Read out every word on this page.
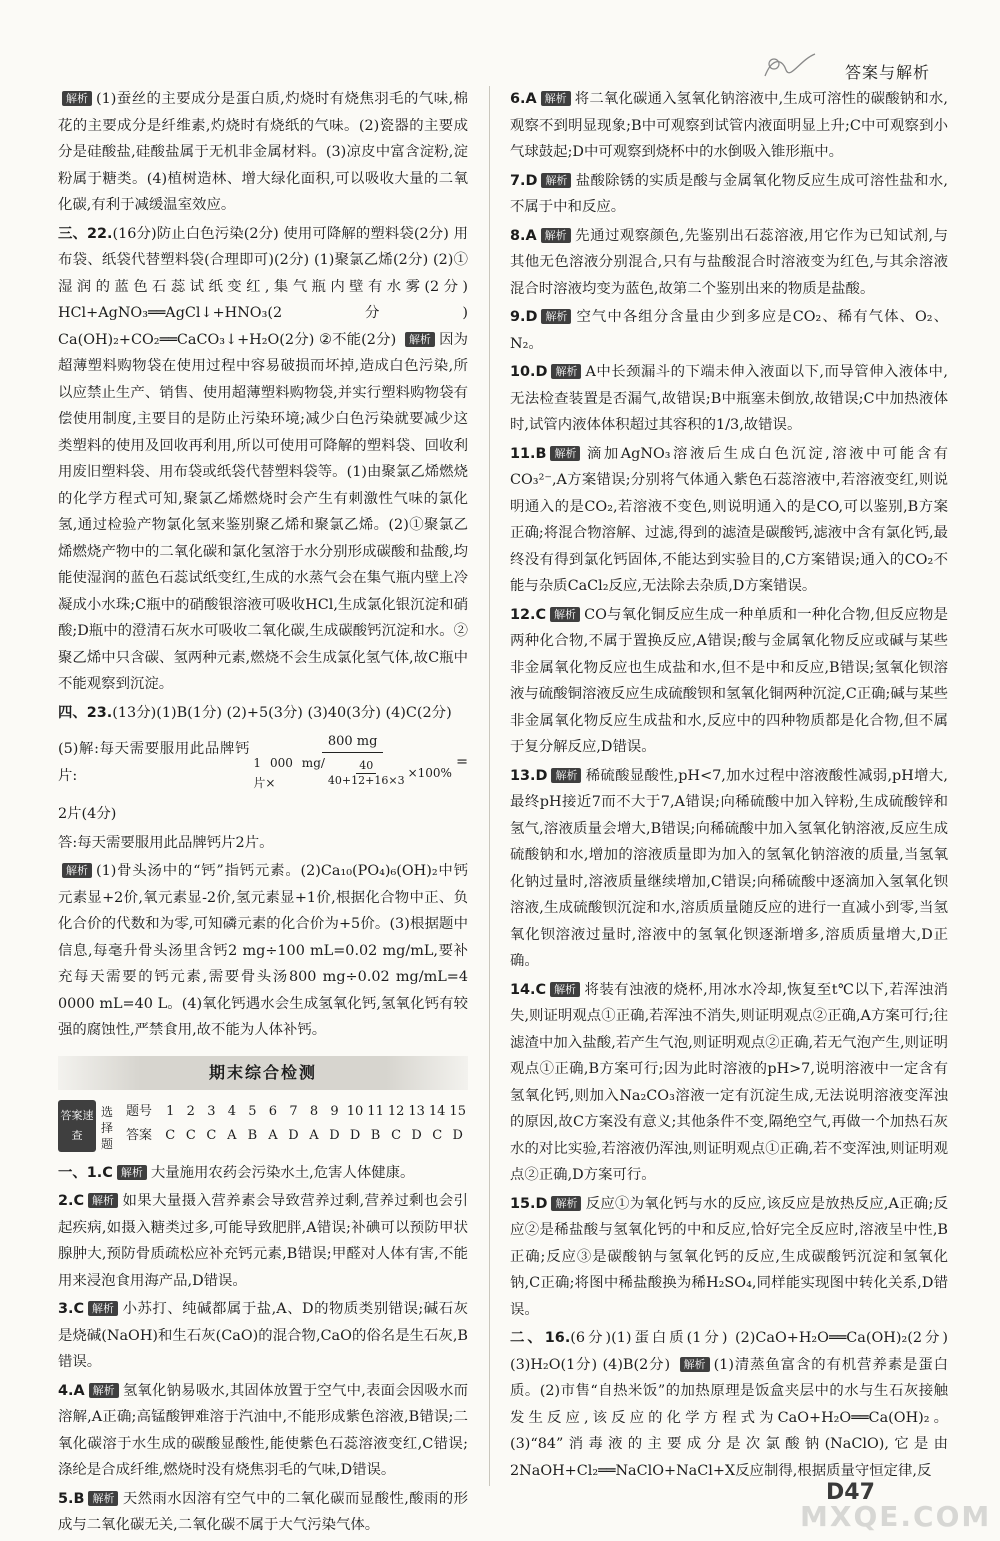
答案与解析
解析 (1)蚕丝的主要成分是蛋白质,灼烧时有烧焦羽毛的气味,棉花的主要成分是纤维素,灼烧时有烧纸的气味。(2)瓷器的主要成分是硅酸盐,硅酸盐属于无机非金属材料。(3)凉皮中富含淀粉,淀粉属于糖类。(4)植树造林、增大绿化面积,可以吸收大量的二氧化碳,有利于减缓温室效应。
三、22.(16分)防止白色污染(2分) 使用可降解的塑料袋(2分) 用布袋、纸袋代替塑料袋(合理即可)(2分) (1)聚氯乙烯(2分) (2)①湿润的蓝色石蕊试纸变红,集气瓶内壁有水雾(2分) HCl+AgNO₃══AgCl↓+HNO₃(2分) Ca(OH)₂+CO₂══CaCO₃↓+H₂O(2分) ②不能(2分) 解析 因为超薄塑料购物袋在使用过程中容易破损而坏掉,造成白色污染,所以应禁止生产、销售、使用超薄塑料购物袋,并实行塑料购物袋有偿使用制度,主要目的是防止污染环境;减少白色污染就要减少这类塑料的使用及回收再利用,所以可使用可降解的塑料袋、回收利用废旧塑料袋、用布袋或纸袋代替塑料袋等。(1)由聚氯乙烯燃烧的化学方程式可知,聚氯乙烯燃烧时会产生有刺激性气味的氯化氢,通过检验产物氯化氢来鉴别聚乙烯和聚氯乙烯。(2)①聚氯乙烯燃烧产物中的二氧化碳和氯化氢溶于水分别形成碳酸和盐酸,均能使湿润的蓝色石蕊试纸变红,生成的水蒸气会在集气瓶内壁上冷凝成小水珠;C瓶中的硝酸银溶液可吸收HCl,生成氯化银沉淀和硝酸;D瓶中的澄清石灰水可吸收二氧化碳,生成碳酸钙沉淀和水。②聚乙烯中只含碳、氢两种元素,燃烧不会生成氯化氢气体,故C瓶中不能观察到沉淀。
四、23.(13分)(1)B(1分) (2)+5(3分) (3)40(3分) (4)C(2分)
(5)解:每天需要服用此品牌钙片:
800 mg
1 000 mg/片×	$\frac{40}{40+12+16\times 3} \times 100\%$
=
2片(4分)
答:每天需要服用此品牌钙片2片。
解析 (1)骨头汤中的“钙”指钙元素。(2)Ca₁₀(PO₄)₆(OH)₂中钙元素显+2价,氧元素显-2价,氢元素显+1价,根据化合物中正、负化合价的代数和为零,可知磷元素的化合价为+5价。(3)根据题中信息,每毫升骨头汤里含钙2 mg÷100 mL=0.02 mg/mL,要补充每天需要的钙元素,需要骨头汤800 mg÷0.02 mg/mL=4 0000 mL=40 L。(4)氧化钙遇水会生成氢氧化钙,氢氧化钙有较强的腐蚀性,严禁食用,故不能为人体补钙。
期末综合检测
答案速查
选择题
题号	1 2 3 4 5 6 7 8 9 10 11 12 13 14 15
答案	C C C A B A D A D D B C D C D
一、1.C 解析 大量施用农药会污染水土,危害人体健康。
2.C 解析 如果大量摄入营养素会导致营养过剩,营养过剩也会引起疾病,如摄入糖类过多,可能导致肥胖,A错误;补碘可以预防甲状腺肿大,预防骨质疏松应补充钙元素,B错误;甲醛对人体有害,不能用来浸泡食用海产品,D错误。
3.C 解析 小苏打、纯碱都属于盐,A、D的物质类别错误;碱石灰是烧碱(NaOH)和生石灰(CaO)的混合物,CaO的俗名是生石灰,B错误。
4.A 解析 氢氧化钠易吸水,其固体放置于空气中,表面会因吸水而溶解,A正确;高锰酸钾难溶于汽油中,不能形成紫色溶液,B错误;二氧化碳溶于水生成的碳酸显酸性,能使紫色石蕊溶液变红,C错误;涤纶是合成纤维,燃烧时没有烧焦羽毛的气味,D错误。
5.B 解析 天然雨水因溶有空气中的二氧化碳而显酸性,酸雨的形成与二氧化碳无关,二氧化碳不属于大气污染气体。
6.A 解析 将二氧化碳通入氢氧化钠溶液中,生成可溶性的碳酸钠和水,观察不到明显现象;B中可观察到试管内液面明显上升;C中可观察到小气球鼓起;D中可观察到烧杯中的水倒吸入锥形瓶中。
7.D 解析 盐酸除锈的实质是酸与金属氧化物反应生成可溶性盐和水,不属于中和反应。
8.A 解析 先通过观察颜色,先鉴别出石蕊溶液,用它作为已知试剂,与其他无色溶液分别混合,只有与盐酸混合时溶液变为红色,与其余溶液混合时溶液均变为蓝色,故第二个鉴别出来的物质是盐酸。
9.D 解析 空气中各组分含量由少到多应是CO₂、稀有气体、O₂、N₂。
10.D 解析 A中长颈漏斗的下端未伸入液面以下,而导管伸入液体中,无法检查装置是否漏气,故错误;B中瓶塞未倒放,故错误;C中加热液体时,试管内液体体积超过其容积的1/3,故错误。
11.B 解析 滴加AgNO₃溶液后生成白色沉淀,溶液中可能含有CO₃²⁻,A方案错误;分别将气体通入紫色石蕊溶液中,若溶液变红,则说明通入的是CO₂,若溶液不变色,则说明通入的是CO,可以鉴别,B方案正确;将混合物溶解、过滤,得到的滤渣是碳酸钙,滤液中含有氯化钙,最终没有得到氯化钙固体,不能达到实验目的,C方案错误;通入的CO₂不能与杂质CaCl₂反应,无法除去杂质,D方案错误。
12.C 解析 CO与氧化铜反应生成一种单质和一种化合物,但反应物是两种化合物,不属于置换反应,A错误;酸与金属氧化物反应或碱与某些非金属氧化物反应也生成盐和水,但不是中和反应,B错误;氢氧化钡溶液与硫酸铜溶液反应生成硫酸钡和氢氧化铜两种沉淀,C正确;碱与某些非金属氧化物反应生成盐和水,反应中的四种物质都是化合物,但不属于复分解反应,D错误。
13.D 解析 稀硫酸显酸性,pH<7,加水过程中溶液酸性减弱,pH增大,最终pH接近7而不大于7,A错误;向稀硫酸中加入锌粉,生成硫酸锌和氢气,溶液质量会增大,B错误;向稀硫酸中加入氢氧化钠溶液,反应生成硫酸钠和水,增加的溶液质量即为加入的氢氧化钠溶液的质量,当氢氧化钠过量时,溶液质量继续增加,C错误;向稀硫酸中逐滴加入氢氧化钡溶液,生成硫酸钡沉淀和水,溶质质量随反应的进行一直减小到零,当氢氧化钡溶液过量时,溶液中的氢氧化钡逐渐增多,溶质质量增大,D正确。
14.C 解析 将装有浊液的烧杯,用冰水冷却,恢复至t℃以下,若浑浊消失,则证明观点①正确,若浑浊不消失,则证明观点②正确,A方案可行;往滤渣中加入盐酸,若产生气泡,则证明观点②正确,若无气泡产生,则证明观点①正确,B方案可行;因为此时溶液的pH>7,说明溶液中一定含有氢氧化钙,则加入Na₂CO₃溶液一定有沉淀生成,无法说明溶液变浑浊的原因,故C方案没有意义;其他条件不变,隔绝空气,再做一个加热石灰水的对比实验,若溶液仍浑浊,则证明观点①正确,若不变浑浊,则证明观点②正确,D方案可行。
15.D 解析 反应①为氧化钙与水的反应,该反应是放热反应,A正确;反应②是稀盐酸与氢氧化钙的中和反应,恰好完全反应时,溶液呈中性,B正确;反应③是碳酸钠与氢氧化钙的反应,生成碳酸钙沉淀和氢氧化钠,C正确;将图中稀盐酸换为稀H₂SO₄,同样能实现图中转化关系,D错误。
二、16.(6分)(1)蛋白质(1分) (2)CaO+H₂O══Ca(OH)₂(2分) (3)H₂O(1分) (4)B(2分) 解析 (1)清蒸鱼富含的有机营养素是蛋白质。(2)市售“自热米饭”的加热原理是饭盒夹层中的水与生石灰接触发生反应,该反应的化学方程式为CaO+H₂O══Ca(OH)₂。(3)“84”消毒液的主要成分是次氯酸钠(NaClO),它是由2NaOH+Cl₂══NaClO+NaCl+X反应制得,根据质量守恒定律,反
MXQE.COM
D47
